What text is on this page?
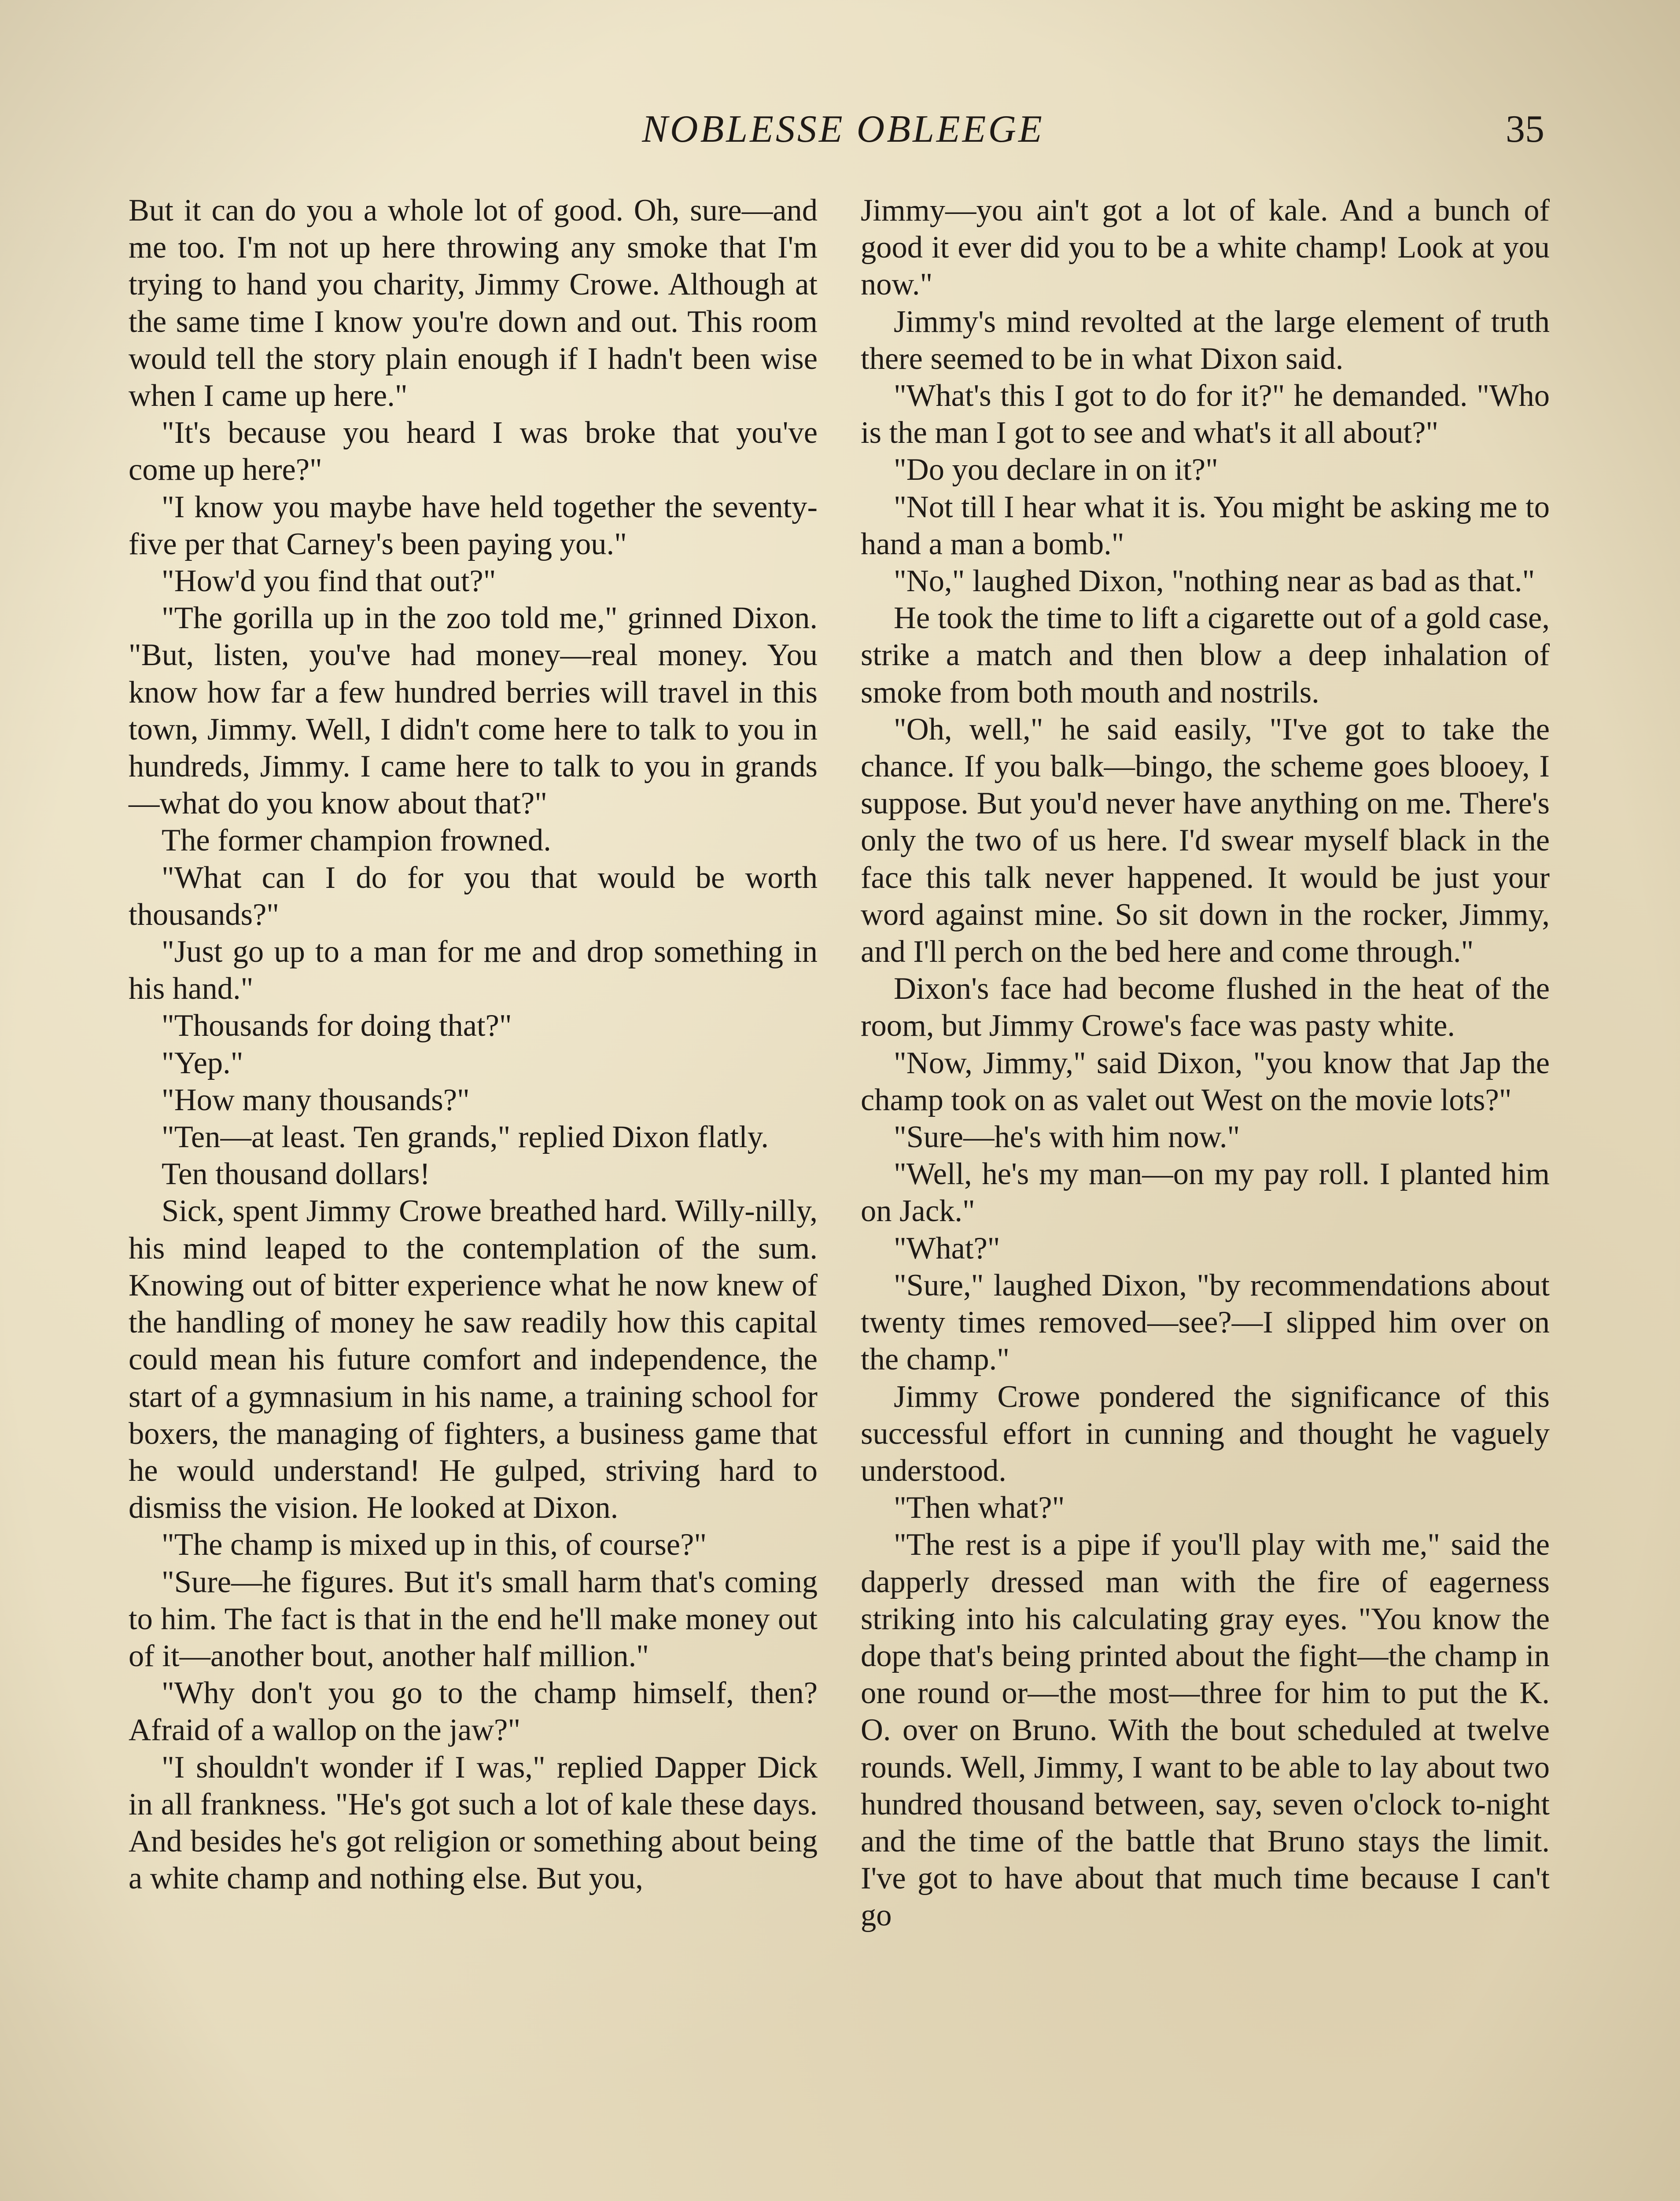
NOBLESSE OBLEEGE	35

But it can do you a whole lot of good. Oh, sure—and me too. I'm not up here throwing any smoke that I'm trying to hand you charity, Jimmy Crowe. Although at the same time I know you're down and out. This room would tell the story plain enough if I hadn't been wise when I came up here."

"It's because you heard I was broke that you've come up here?"

"I know you maybe have held together the seventy-five per that Carney's been paying you."

"How'd you find that out?"

"The gorilla up in the zoo told me," grinned Dixon. "But, listen, you've had money—real money. You know how far a few hundred berries will travel in this town, Jimmy. Well, I didn't come here to talk to you in hundreds, Jimmy. I came here to talk to you in grands—what do you know about that?"

The former champion frowned.

"What can I do for you that would be worth thousands?"

"Just go up to a man for me and drop something in his hand."

"Thousands for doing that?"

"Yep."

"How many thousands?"

"Ten—at least. Ten grands," replied Dixon flatly.

Ten thousand dollars!

Sick, spent Jimmy Crowe breathed hard. Willy-nilly, his mind leaped to the contemplation of the sum. Knowing out of bitter experience what he now knew of the handling of money he saw readily how this capital could mean his future comfort and independence, the start of a gymnasium in his name, a training school for boxers, the managing of fighters, a business game that he would understand! He gulped, striving hard to dismiss the vision. He looked at Dixon.

"The champ is mixed up in this, of course?"

"Sure—he figures. But it's small harm that's coming to him. The fact is that in the end he'll make money out of it—another bout, another half million."

"Why don't you go to the champ himself, then? Afraid of a wallop on the jaw?"

"I shouldn't wonder if I was," replied Dapper Dick in all frankness. "He's got such a lot of kale these days. And besides he's got religion or something about being a white champ and nothing else. But you,

Jimmy—you ain't got a lot of kale. And a bunch of good it ever did you to be a white champ! Look at you now."

Jimmy's mind revolted at the large element of truth there seemed to be in what Dixon said.

"What's this I got to do for it?" he demanded. "Who is the man I got to see and what's it all about?"

"Do you declare in on it?"

"Not till I hear what it is. You might be asking me to hand a man a bomb."

"No," laughed Dixon, "nothing near as bad as that."

He took the time to lift a cigarette out of a gold case, strike a match and then blow a deep inhalation of smoke from both mouth and nostrils.

"Oh, well," he said easily, "I've got to take the chance. If you balk—bingo, the scheme goes blooey, I suppose. But you'd never have anything on me. There's only the two of us here. I'd swear myself black in the face this talk never happened. It would be just your word against mine. So sit down in the rocker, Jimmy, and I'll perch on the bed here and come through."

Dixon's face had become flushed in the heat of the room, but Jimmy Crowe's face was pasty white.

"Now, Jimmy," said Dixon, "you know that Jap the champ took on as valet out West on the movie lots?"

"Sure—he's with him now."

"Well, he's my man—on my pay roll. I planted him on Jack."

"What?"

"Sure," laughed Dixon, "by recommendations about twenty times removed—see?—I slipped him over on the champ."

Jimmy Crowe pondered the significance of this successful effort in cunning and thought he vaguely understood.

"Then what?"

"The rest is a pipe if you'll play with me," said the dapperly dressed man with the fire of eagerness striking into his calculating gray eyes. "You know the dope that's being printed about the fight—the champ in one round or—the most—three for him to put the K. O. over on Bruno. With the bout scheduled at twelve rounds. Well, Jimmy, I want to be able to lay about two hundred thousand between, say, seven o'clock to-night and the time of the battle that Bruno stays the limit. I've got to have about that much time because I can't go
